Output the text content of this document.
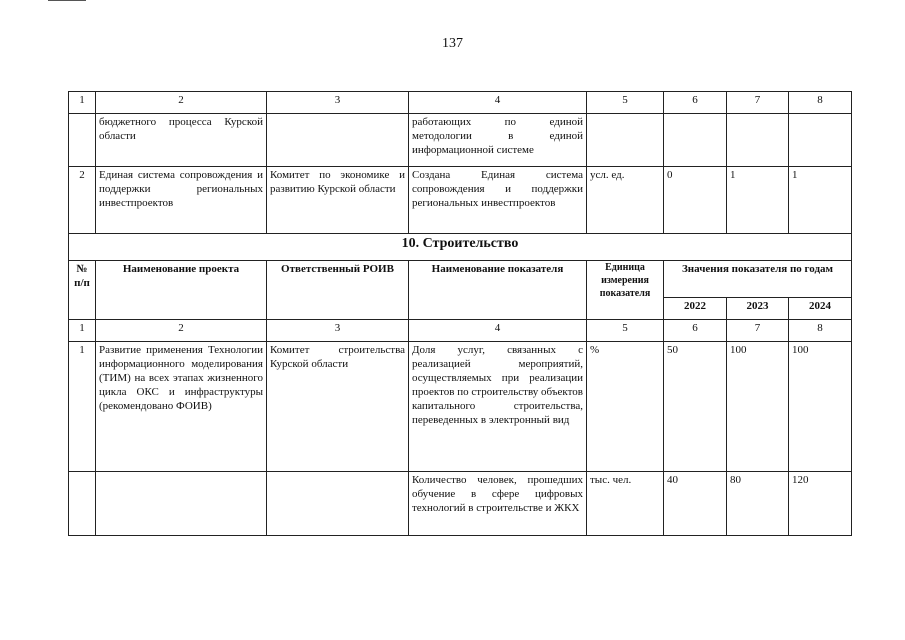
137
1	2	3	4	5	6	7	8
	бюджетного процесса Курской области		работающих по единой методологии в единой информационной системе				
2	Единая система сопровождения и поддержки региональных инвестпроектов	Комитет по экономике и развитию Курской области	Создана Единая система сопровождения и поддержки региональных инвестпроектов	усл. ед.	0	1	1
10. Строительство							
№ п/п	Наименование проекта	Ответственный РОИВ	Наименование показателя	Единица измерения показателя	Значения показателя по годам		
					2022	2023	2024
1	2	3	4	5	6	7	8
1	Развитие применения Технологии информационного моделирования (ТИМ) на всех этапах жизненного цикла ОКС и инфраструктуры (рекомендовано ФОИВ)	Комитет строительства Курской области	Доля услуг, связанных с реализацией мероприятий, осуществляемых при реализации проектов по строительству объектов капитального строительства, переведенных в электронный вид	%	50	100	100
			Количество человек, прошедших обучение в сфере цифровых технологий в строительстве и ЖКХ	тыс. чел.	40	80	120
